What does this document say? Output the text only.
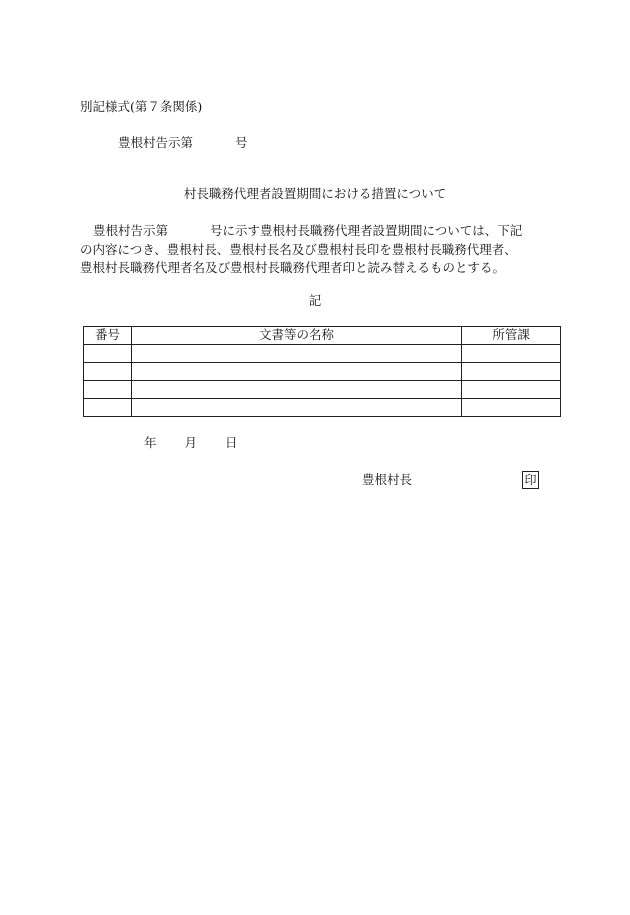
別記様式(第７条関係)
豊根村告示第	号
村長職務代理者設置期間における措置について
豊根村告示第	号に示す豊根村長職務代理者設置期間については、下記
の内容につき、豊根村長、豊根村長名及び豊根村長印を豊根村長職務代理者、
豊根村長職務代理者名及び豊根村長職務代理者印と読み替えるものとする。
記
番号	文書等の名称	所管課

年 月 日
豊根村長	印
